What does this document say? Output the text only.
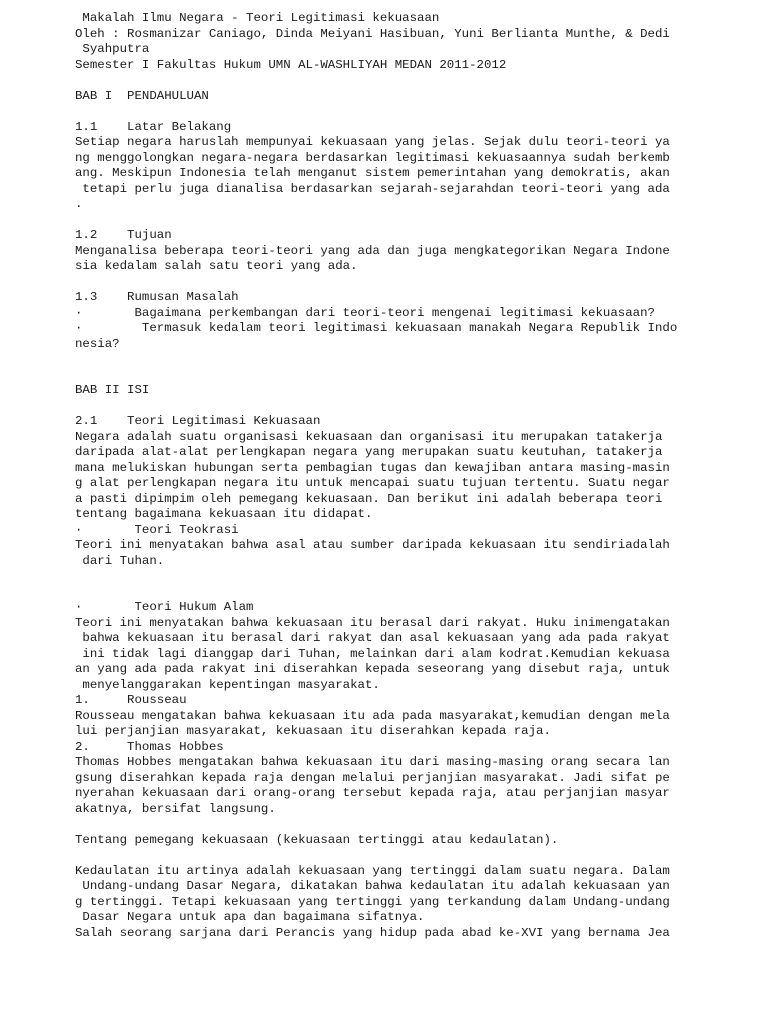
Makalah Ilmu Negara - Teori Legitimasi kekuasaan
Oleh : Rosmanizar Caniago, Dinda Meiyani Hasibuan, Yuni Berlianta Munthe, & Dedi
Syahputra
Semester I Fakultas Hukum UMN AL-WASHLIYAH MEDAN 2011-2012
BAB I  PENDAHULUAN
1.1    Latar Belakang
Setiap negara haruslah mempunyai kekuasaan yang jelas. Sejak dulu teori-teori ya
ng menggolongkan negara-negara berdasarkan legitimasi kekuasaannya sudah berkemb
ang. Meskipun Indonesia telah menganut sistem pemerintahan yang demokratis, akan
tetapi perlu juga dianalisa berdasarkan sejarah-sejarahdan teori-teori yang ada
.
1.2    Tujuan
Menganalisa beberapa teori-teori yang ada dan juga mengkategorikan Negara Indone
sia kedalam salah satu teori yang ada.
1.3    Rumusan Masalah
·       Bagaimana perkembangan dari teori-teori mengenai legitimasi kekuasaan?
·        Termasuk kedalam teori legitimasi kekuasaan manakah Negara Republik Indo
nesia?
BAB II ISI
2.1    Teori Legitimasi Kekuasaan
Negara adalah suatu organisasi kekuasaan dan organisasi itu merupakan tatakerja
daripada alat-alat perlengkapan negara yang merupakan suatu keutuhan, tatakerja
mana melukiskan hubungan serta pembagian tugas dan kewajiban antara masing-masin
g alat perlengkapan negara itu untuk mencapai suatu tujuan tertentu. Suatu negar
a pasti dipimpim oleh pemegang kekuasaan. Dan berikut ini adalah beberapa teori
tentang bagaimana kekuasaan itu didapat.
·       Teori Teokrasi
Teori ini menyatakan bahwa asal atau sumber daripada kekuasaan itu sendiriadalah
dari Tuhan.
·       Teori Hukum Alam
Teori ini menyatakan bahwa kekuasaan itu berasal dari rakyat. Huku inimengatakan
bahwa kekuasaan itu berasal dari rakyat dan asal kekuasaan yang ada pada rakyat
ini tidak lagi dianggap dari Tuhan, melainkan dari alam kodrat.Kemudian kekuasa
an yang ada pada rakyat ini diserahkan kepada seseorang yang disebut raja, untuk
menyelanggarakan kepentingan masyarakat.
1.     Rousseau
Rousseau mengatakan bahwa kekuasaan itu ada pada masyarakat,kemudian dengan mela
lui perjanjian masyarakat, kekuasaan itu diserahkan kepada raja.
2.     Thomas Hobbes
Thomas Hobbes mengatakan bahwa kekuasaan itu dari masing-masing orang secara lan
gsung diserahkan kepada raja dengan melalui perjanjian masyarakat. Jadi sifat pe
nyerahan kekuasaan dari orang-orang tersebut kepada raja, atau perjanjian masyar
akatnya, bersifat langsung.
Tentang pemegang kekuasaan (kekuasaan tertinggi atau kedaulatan).
Kedaulatan itu artinya adalah kekuasaan yang tertinggi dalam suatu negara. Dalam
Undang-undang Dasar Negara, dikatakan bahwa kedaulatan itu adalah kekuasaan yan
g tertinggi. Tetapi kekuasaan yang tertinggi yang terkandung dalam Undang-undang
Dasar Negara untuk apa dan bagaimana sifatnya.
Salah seorang sarjana dari Perancis yang hidup pada abad ke-XVI yang bernama Jea
